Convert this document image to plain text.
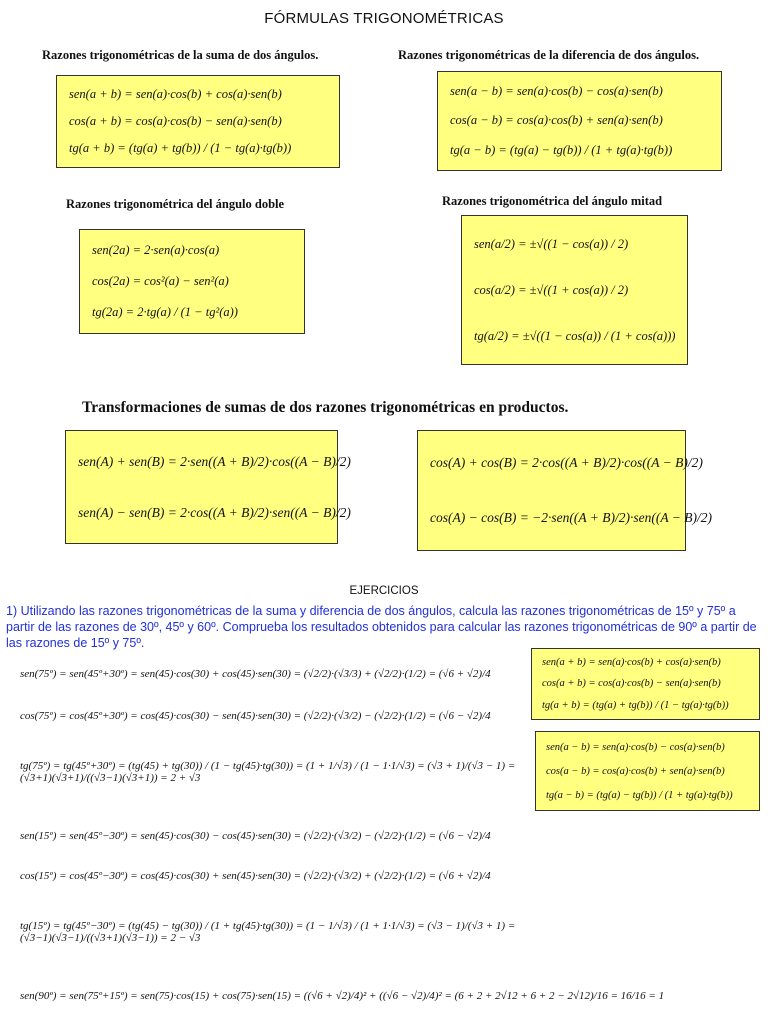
FÓRMULAS TRIGONOMÉTRICAS
Razones trigonométricas de la suma de dos ángulos.
sen(a + b) = sen(a)·cos(b) + cos(a)·sen(b)
cos(a + b) = cos(a)·cos(b) − sen(a)·sen(b)
tg(a + b) = (tg(a) + tg(b)) / (1 − tg(a)·tg(b))
Razones trigonométricas de la diferencia de dos ángulos.
sen(a − b) = sen(a)·cos(b) − cos(a)·sen(b)
cos(a − b) = cos(a)·cos(b) + sen(a)·sen(b)
tg(a − b) = (tg(a) − tg(b)) / (1 + tg(a)·tg(b))
Razones trigonométrica del ángulo doble
sen(2a) = 2·sen(a)·cos(a)
cos(2a) = cos²(a) − sen²(a)
tg(2a) = 2·tg(a) / (1 − tg²(a))
Razones trigonométrica del ángulo mitad
sen(a/2) = ±√((1 − cos(a)) / 2)
cos(a/2) = ±√((1 + cos(a)) / 2)
tg(a/2) = ±√((1 − cos(a)) / (1 + cos(a)))
Transformaciones de sumas de dos razones trigonométricas en productos.
sen(A) + sen(B) = 2·sen((A + B)/2)·cos((A − B)/2)
sen(A) − sen(B) = 2·cos((A + B)/2)·sen((A − B)/2)
cos(A) + cos(B) = 2·cos((A + B)/2)·cos((A − B)/2)
cos(A) − cos(B) = −2·sen((A + B)/2)·sen((A − B)/2)
EJERCICIOS
1) Utilizando las razones trigonométricas de la suma y diferencia de dos ángulos, calcula las razones trigonométricas de 15º y 75º a partir de las razones de 30º, 45º y 60º. Comprueba los resultados obtenidos para calcular las razones trigonométricas de 90º a partir de las razones de 15º y 75º.
sen(75º) = sen(45º+30º) = sen(45)·cos(30) + cos(45)·sen(30) = (√2/2)·(√3/3) + (√2/2)·(1/2) = (√6 + √2)/4
cos(75º) = cos(45º+30º) = cos(45)·cos(30) − sen(45)·sen(30) = (√2/2)·(√3/2) − (√2/2)·(1/2) = (√6 − √2)/4
tg(75º) = tg(45º+30º) = (tg(45) + tg(30)) / (1 − tg(45)·tg(30)) = (1 + 1/√3) / (1 − 1·1/√3) = (√3 + 1)/(√3 − 1) = (√3+1)(√3+1)/((√3−1)(√3+1)) = 2 + √3
sen(15º) = sen(45º−30º) = sen(45)·cos(30) − cos(45)·sen(30) = (√2/2)·(√3/2) − (√2/2)·(1/2) = (√6 − √2)/4
cos(15º) = cos(45º−30º) = cos(45)·cos(30) + sen(45)·sen(30) = (√2/2)·(√3/2) + (√2/2)·(1/2) = (√6 + √2)/4
tg(15º) = tg(45º−30º) = (tg(45) − tg(30)) / (1 + tg(45)·tg(30)) = (1 − 1/√3) / (1 + 1·1/√3) = (√3 − 1)/(√3 + 1) = (√3−1)(√3−1)/((√3+1)(√3−1)) = 2 − √3
sen(90º) = sen(75º+15º) = sen(75)·cos(15) + cos(75)·sen(15) = ((√6 + √2)/4)² + ((√6 − √2)/4)² = (6 + 2 + 2√12 + 6 + 2 − 2√12)/16 = 16/16 = 1
sen(a + b) = sen(a)·cos(b) + cos(a)·sen(b)
cos(a + b) = cos(a)·cos(b) − sen(a)·sen(b)
tg(a + b) = (tg(a) + tg(b)) / (1 − tg(a)·tg(b))
sen(a − b) = sen(a)·cos(b) − cos(a)·sen(b)
cos(a − b) = cos(a)·cos(b) + sen(a)·sen(b)
tg(a − b) = (tg(a) − tg(b)) / (1 + tg(a)·tg(b))
